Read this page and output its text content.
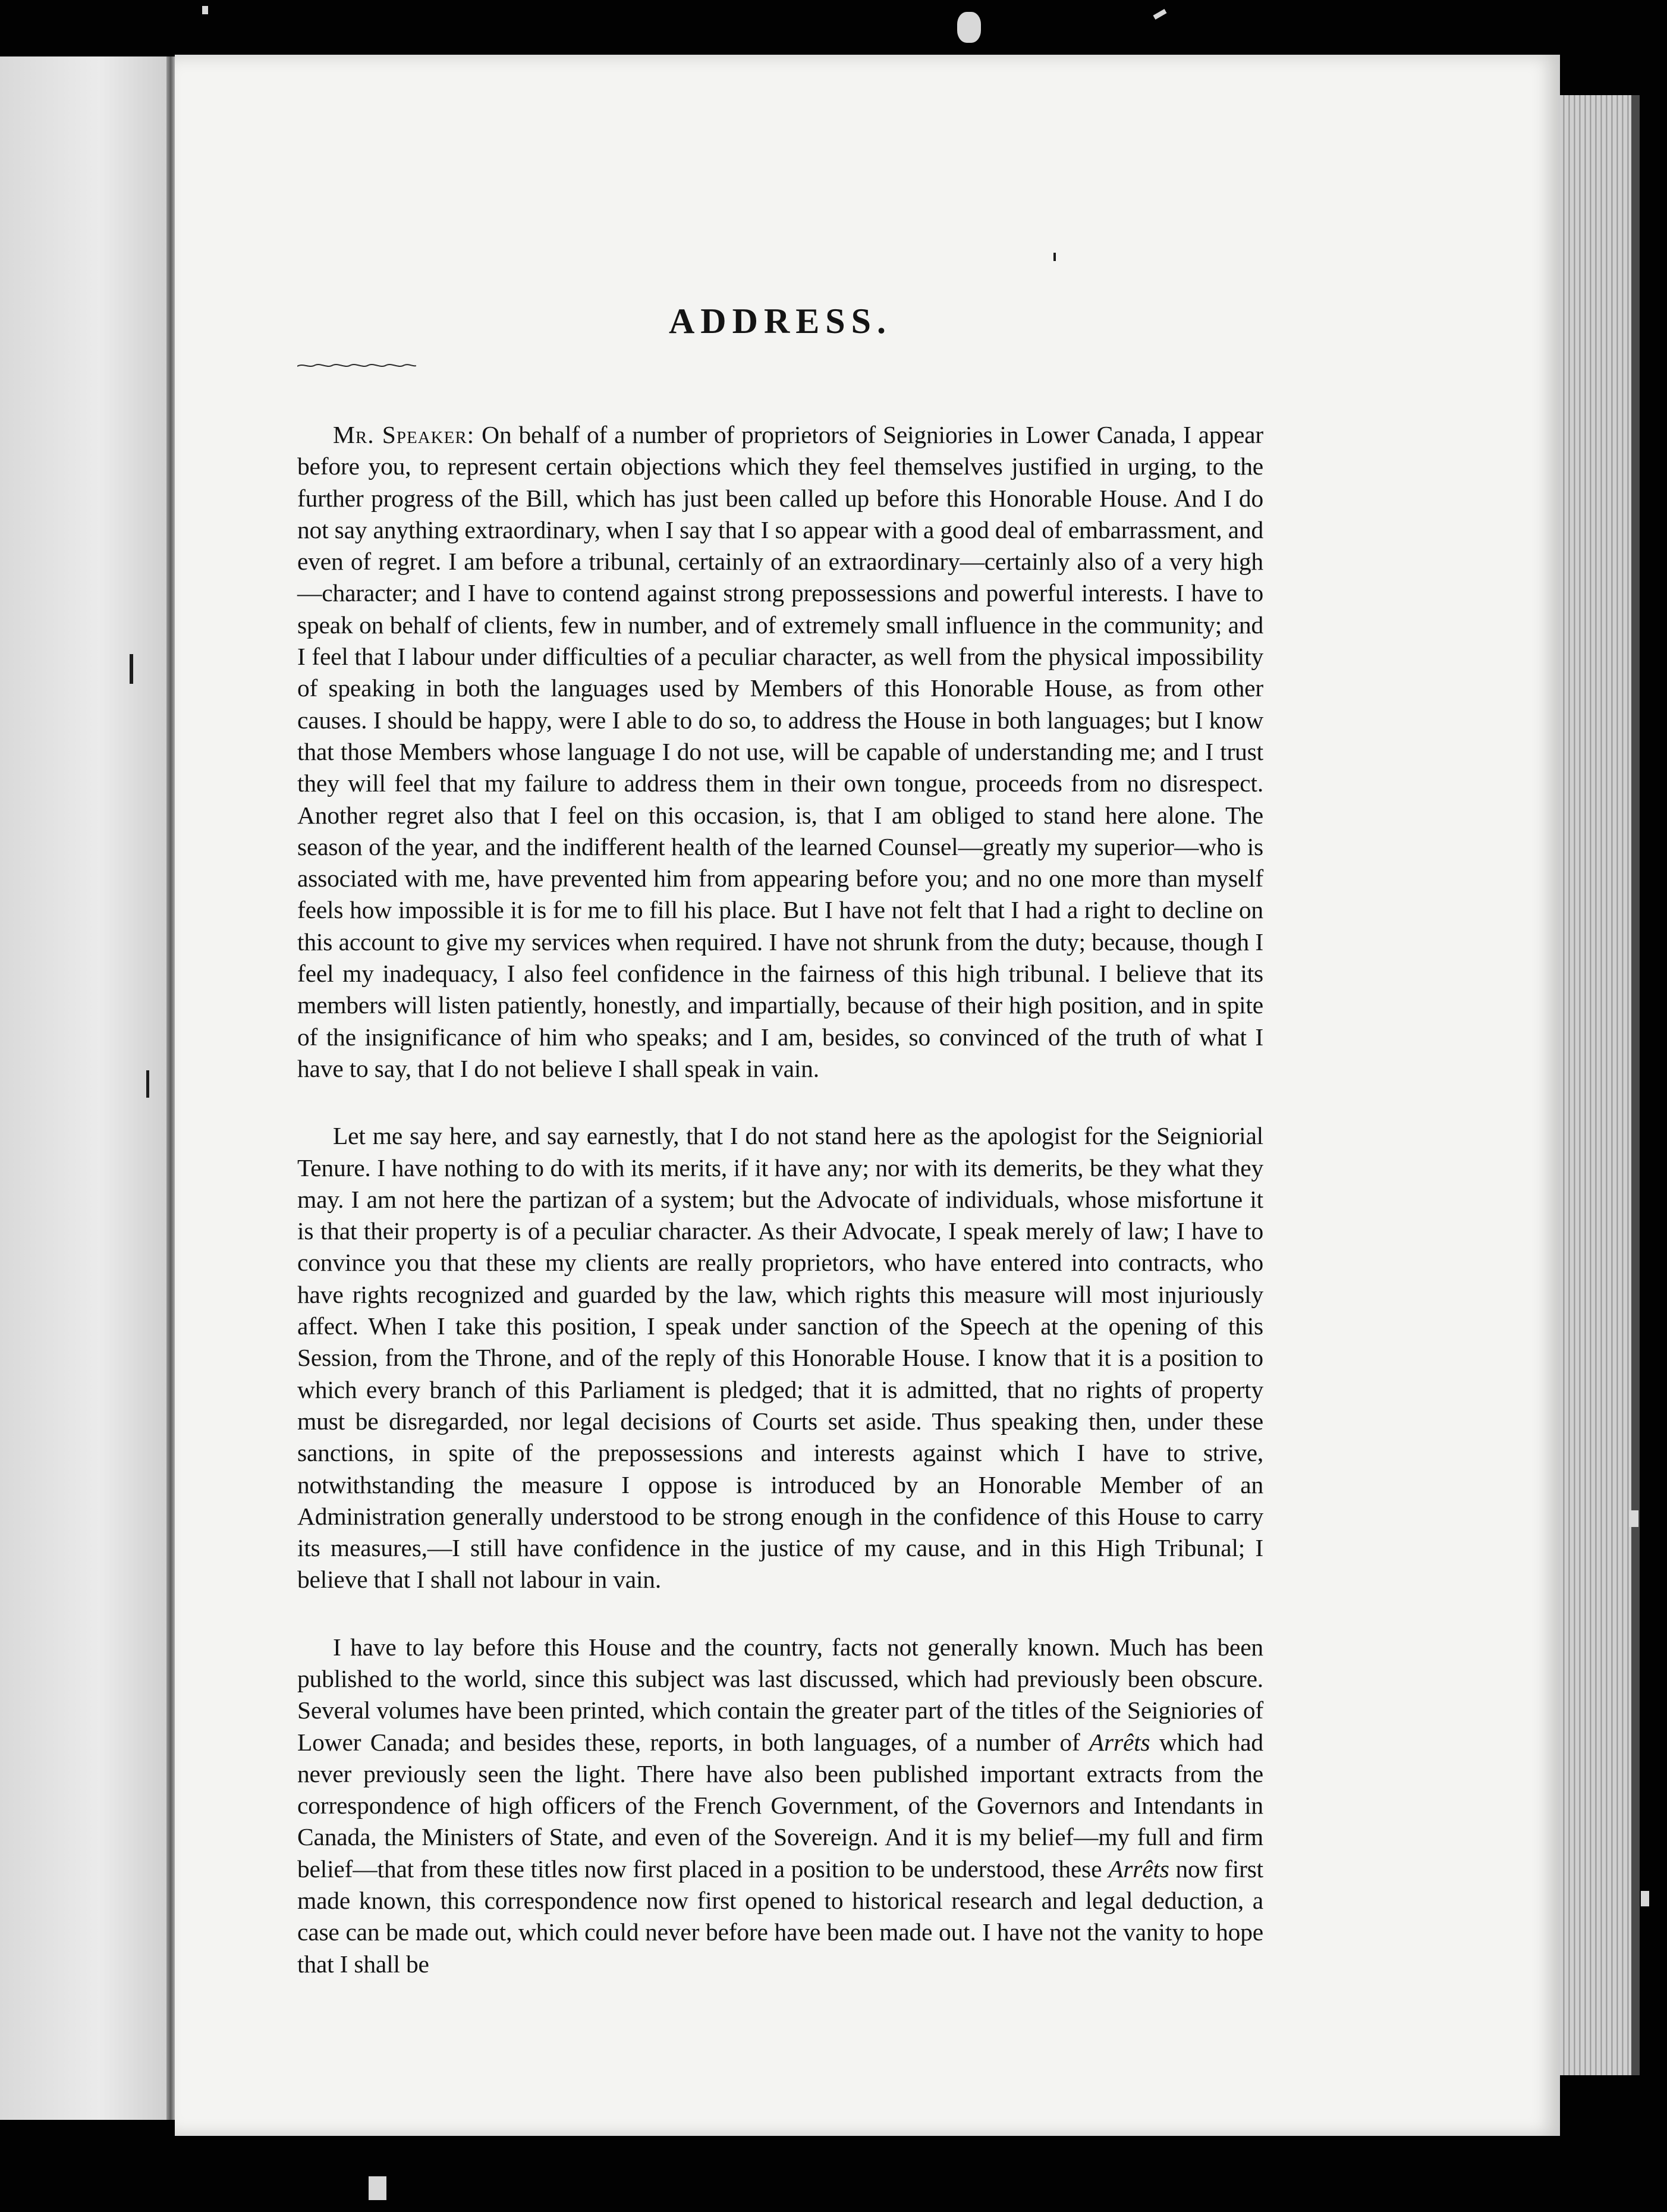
ADDRESS.

Mr. Speaker: On behalf of a number of proprietors of Seigniories in Lower Canada, I appear before you, to represent certain objections which they feel themselves justified in urging, to the further progress of the Bill, which has just been called up before this Honorable House. And I do not say anything extraordinary, when I say that I so appear with a good deal of embarrassment, and even of regret. I am before a tribunal, certainly of an extraordinary—certainly also of a very high—character; and I have to contend against strong prepossessions and powerful interests. I have to speak on behalf of clients, few in number, and of extremely small influence in the community; and I feel that I labour under difficulties of a peculiar character, as well from the physical impossibility of speaking in both the languages used by Members of this Honorable House, as from other causes. I should be happy, were I able to do so, to address the House in both languages; but I know that those Members whose language I do not use, will be capable of understanding me; and I trust they will feel that my failure to address them in their own tongue, proceeds from no disrespect. Another regret also that I feel on this occasion, is, that I am obliged to stand here alone. The season of the year, and the indifferent health of the learned Counsel—greatly my superior—who is associated with me, have prevented him from appearing before you; and no one more than myself feels how impossible it is for me to fill his place. But I have not felt that I had a right to decline on this account to give my services when required. I have not shrunk from the duty; because, though I feel my inadequacy, I also feel confidence in the fairness of this high tribunal. I believe that its members will listen patiently, honestly, and impartially, because of their high position, and in spite of the insignificance of him who speaks; and I am, besides, so convinced of the truth of what I have to say, that I do not believe I shall speak in vain.

Let me say here, and say earnestly, that I do not stand here as the apologist for the Seigniorial Tenure. I have nothing to do with its merits, if it have any; nor with its demerits, be they what they may. I am not here the partizan of a system; but the Advocate of individuals, whose misfortune it is that their property is of a peculiar character. As their Advocate, I speak merely of law; I have to convince you that these my clients are really proprietors, who have entered into contracts, who have rights recognized and guarded by the law, which rights this measure will most injuriously affect. When I take this position, I speak under sanction of the Speech at the opening of this Session, from the Throne, and of the reply of this Honorable House. I know that it is a position to which every branch of this Parliament is pledged; that it is admitted, that no rights of property must be disregarded, nor legal decisions of Courts set aside. Thus speaking then, under these sanctions, in spite of the prepossessions and interests against which I have to strive, notwithstanding the measure I oppose is introduced by an Honorable Member of an Administration generally understood to be strong enough in the confidence of this House to carry its measures,—I still have confidence in the justice of my cause, and in this High Tribunal; I believe that I shall not labour in vain.

I have to lay before this House and the country, facts not generally known. Much has been published to the world, since this subject was last discussed, which had previously been obscure. Several volumes have been printed, which contain the greater part of the titles of the Seigniories of Lower Canada; and besides these, reports, in both languages, of a number of Arrêts which had never previously seen the light. There have also been published important extracts from the correspondence of high officers of the French Government, of the Governors and Intendants in Canada, the Ministers of State, and even of the Sovereign. And it is my belief—my full and firm belief—that from these titles now first placed in a position to be understood, these Arrêts now first made known, this correspondence now first opened to historical research and legal deduction, a case can be made out, which could never before have been made out. I have not the vanity to hope that I shall be
